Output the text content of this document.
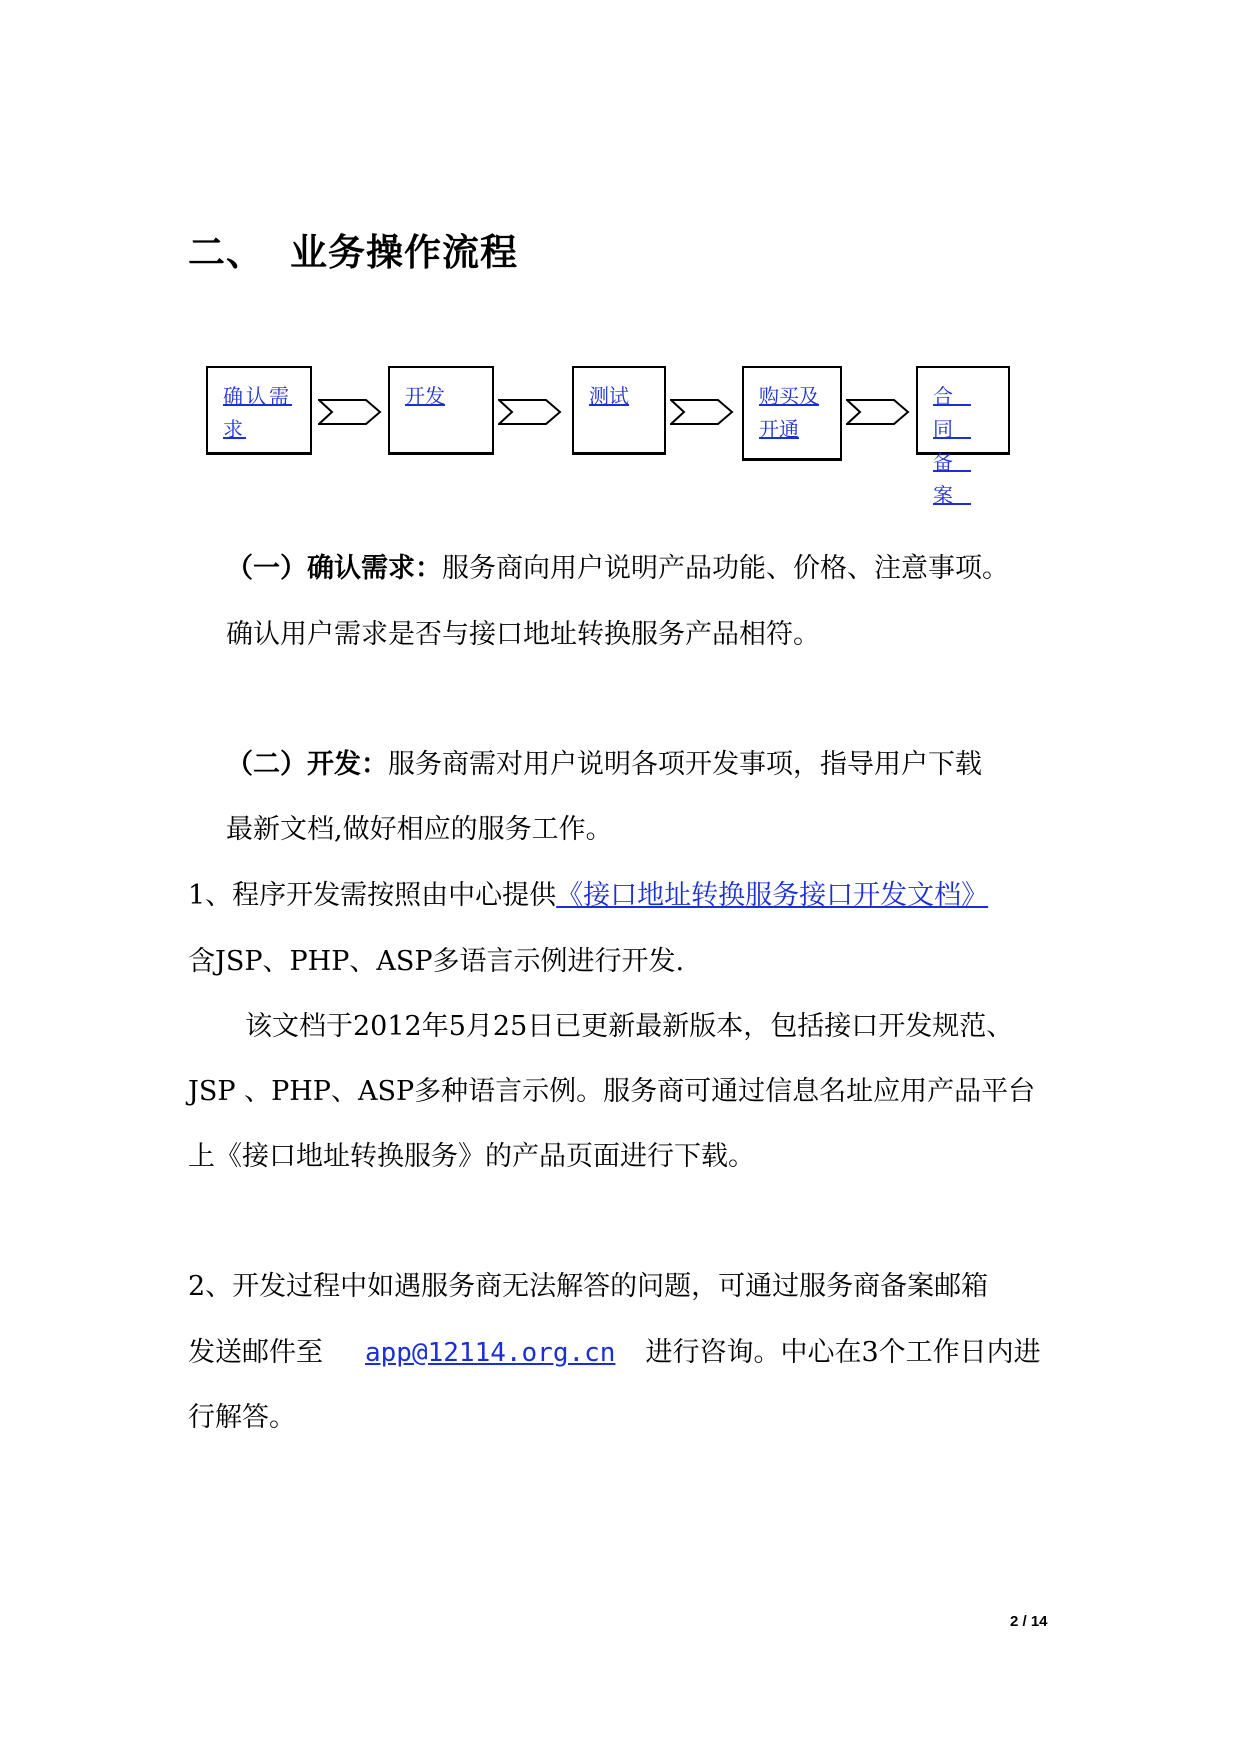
二、 业务操作流程
确认需求
开发	测试	购买及开通
合同备案

（一）确认需求：服务商向用户说明产品功能、价格、注意事项。

确认用户需求是否与接口地址转换服务产品相符。

（二）开发：服务商需对用户说明各项开发事项，指导用户下载

最新文档,做好相应的服务工作。

1、程序开发需按照由中心提供《接口地址转换服务接口开发文档》

含JSP、PHP、ASP多语言示例进行开发.

该文档于2012年5月25日已更新最新版本，包括接口开发规范、

JSP 、PHP、ASP多种语言示例。服务商可通过信息名址应用产品平台

上《接口地址转换服务》的产品页面进行下载。

2、开发过程中如遇服务商无法解答的问题，可通过服务商备案邮箱

发送邮件至 app@12114.org.cn 进行咨询。中心在3个工作日内进

行解答。

2 / 14
